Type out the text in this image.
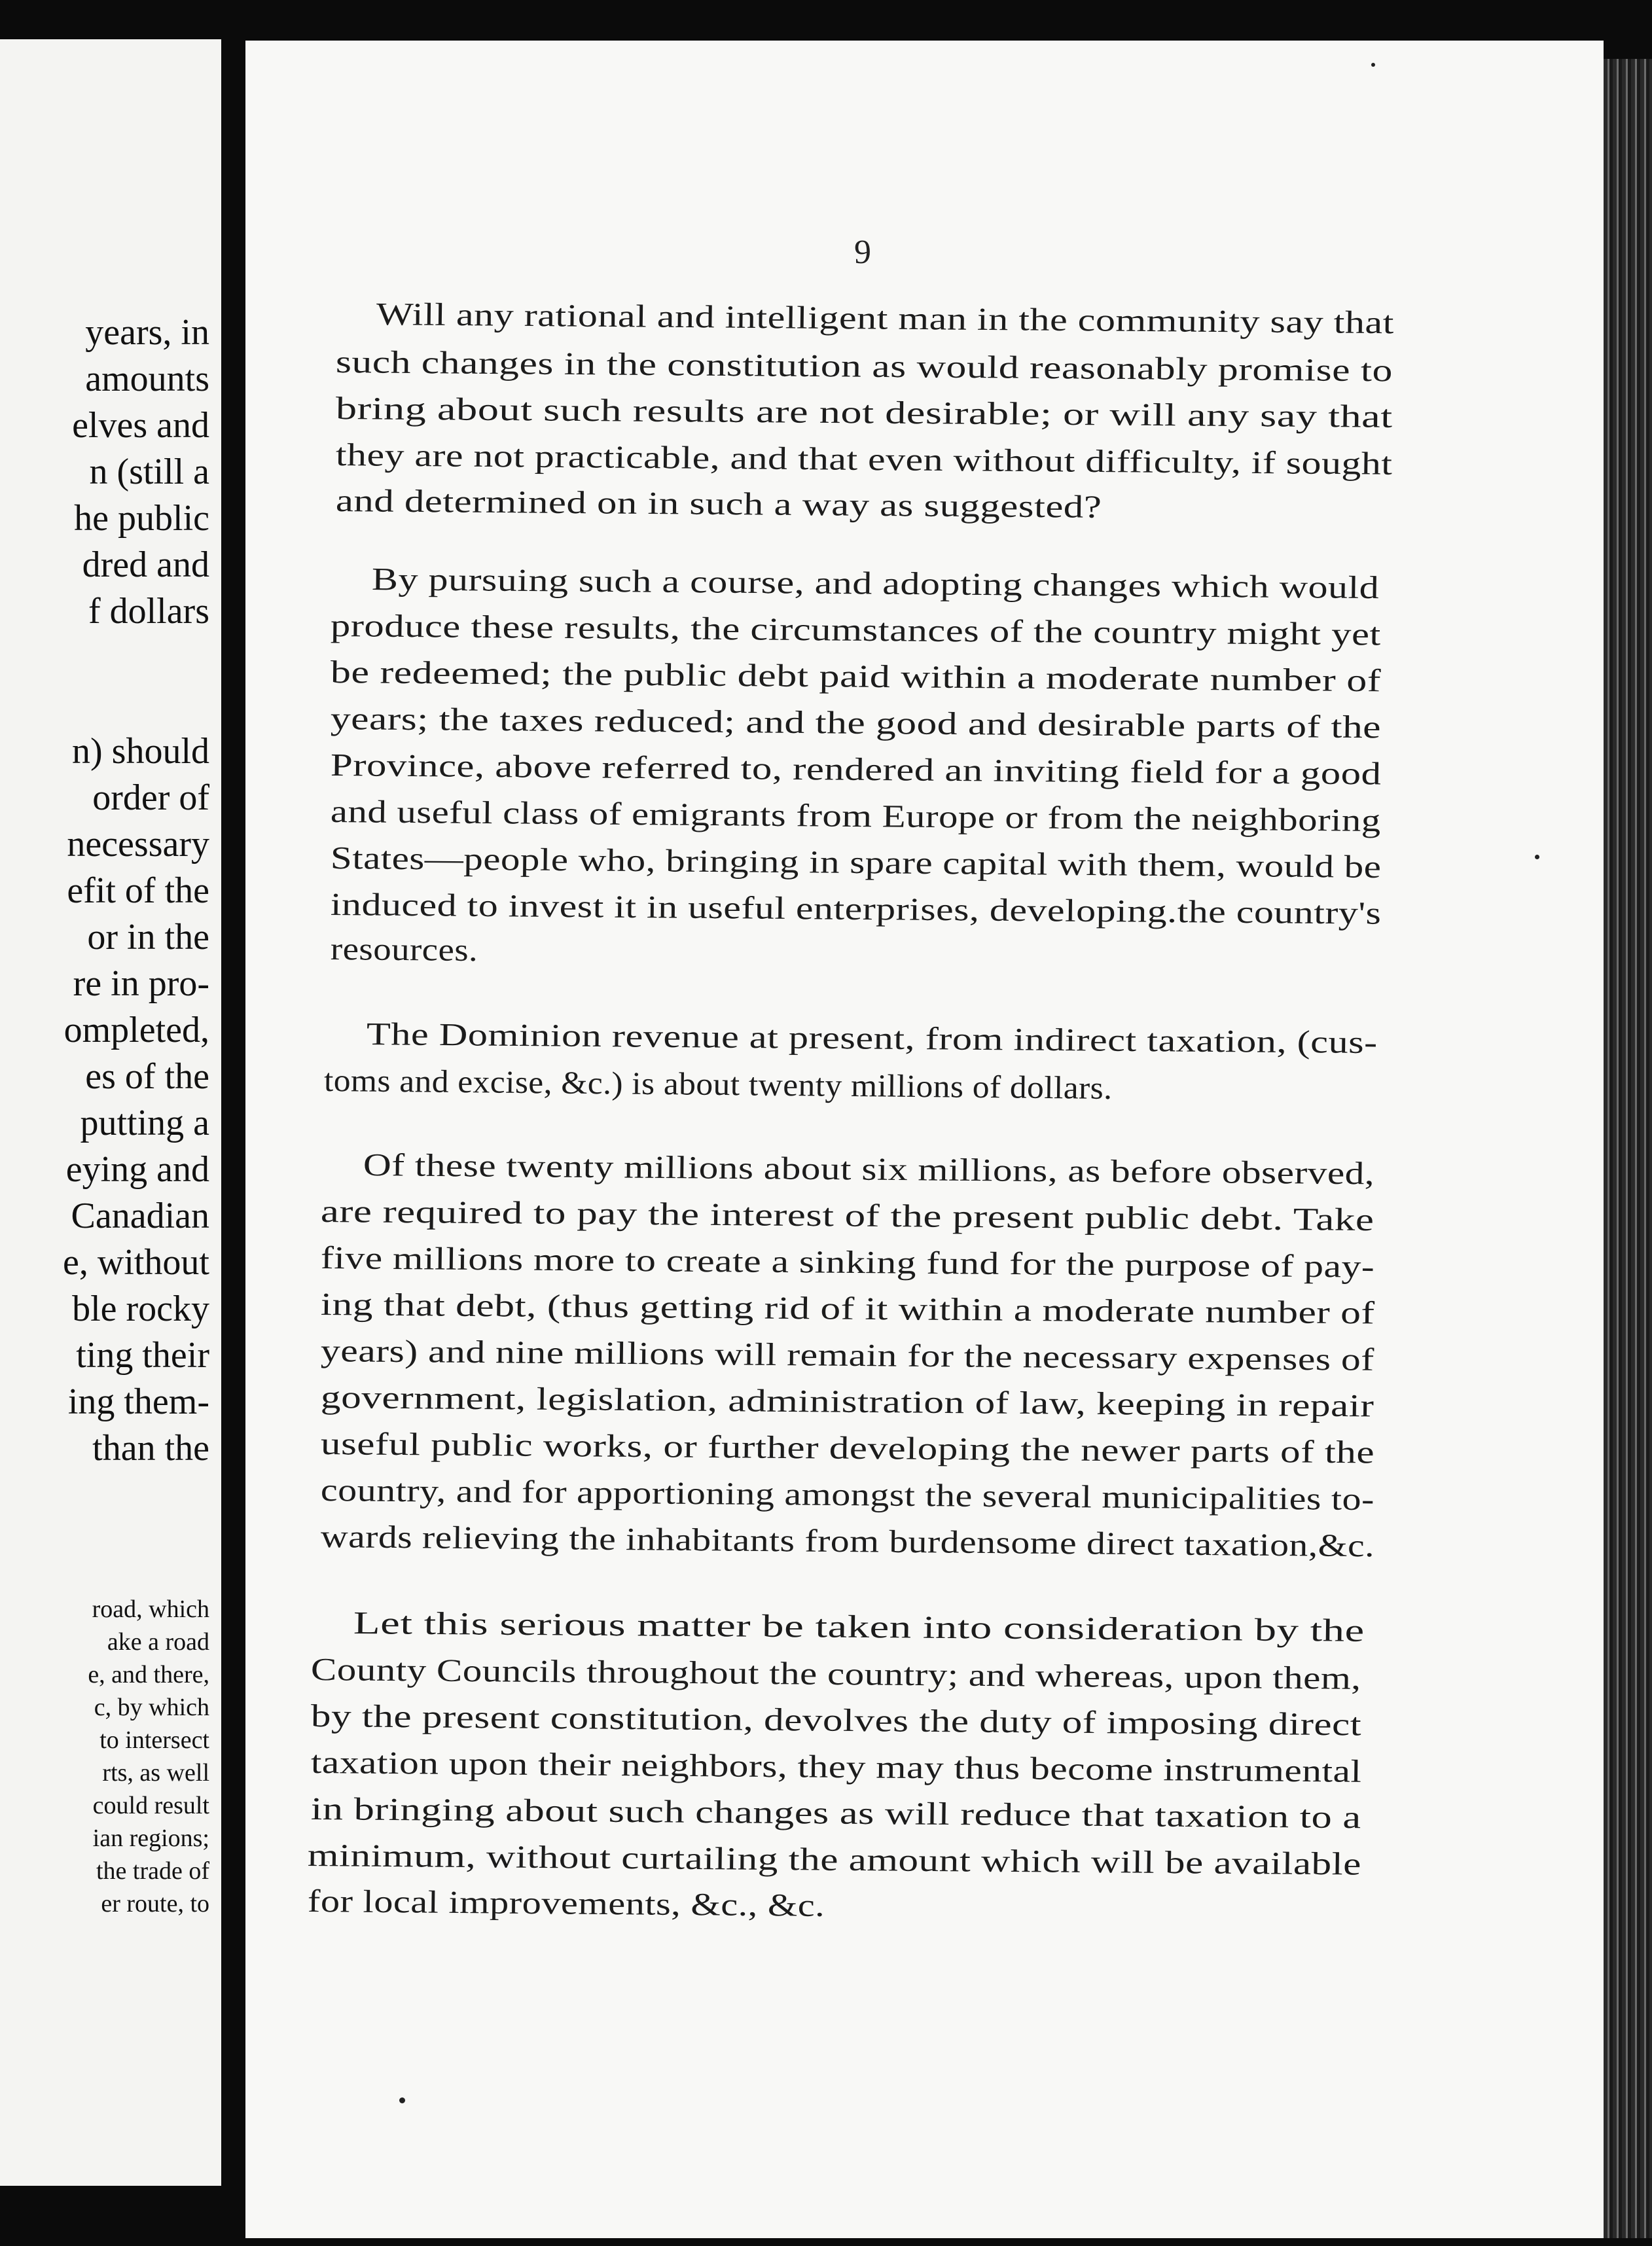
years, in
amounts
elves and
n (still a
he public
dred and
f dollars
n) should
order of
necessary
efit of the
or in the
re in pro-
ompleted,
es of the
putting a
eying and
Canadian
e, without
ble rocky
ting their
ing them-
than the
road, which
ake a road
e, and there,
c, by which
to intersect
rts, as well
could result
ian regions;
the trade of
er route, to
9
Will any rational and intelligent man in the community say that
such changes in the constitution as would reasonably promise to
bring about such results are not desirable; or will any say that
they are not practicable, and that even without difficulty, if sought
and determined on in such a way as suggested?
By pursuing such a course, and adopting changes which would
produce these results, the circumstances of the country might yet
be redeemed; the public debt paid within a moderate number of
years; the taxes reduced; and the good and desirable parts of the
Province, above referred to, rendered an inviting field for a good
and useful class of emigrants from Europe or from the neighboring
States—people who, bringing in spare capital with them, would be
induced to invest it in useful enterprises, developing.the country's
resources.
The Dominion revenue at present, from indirect taxation, (cus-
toms and excise, &c.) is about twenty millions of dollars.
Of these twenty millions about six millions, as before observed,
are required to pay the interest of the present public debt. Take
five millions more to create a sinking fund for the purpose of pay-
ing that debt, (thus getting rid of it within a moderate number of
years) and nine millions will remain for the necessary expenses of
government, legislation, administration of law, keeping in repair
useful public works, or further developing the newer parts of the
country, and for apportioning amongst the several municipalities to-
wards relieving the inhabitants from burdensome direct taxation,&c.
Let this serious matter be taken into consideration by the
County Councils throughout the country; and whereas, upon them,
by the present constitution, devolves the duty of imposing direct
taxation upon their neighbors, they may thus become instrumental
in bringing about such changes as will reduce that taxation to a
minimum, without curtailing the amount which will be available
for local improvements, &c., &c.
